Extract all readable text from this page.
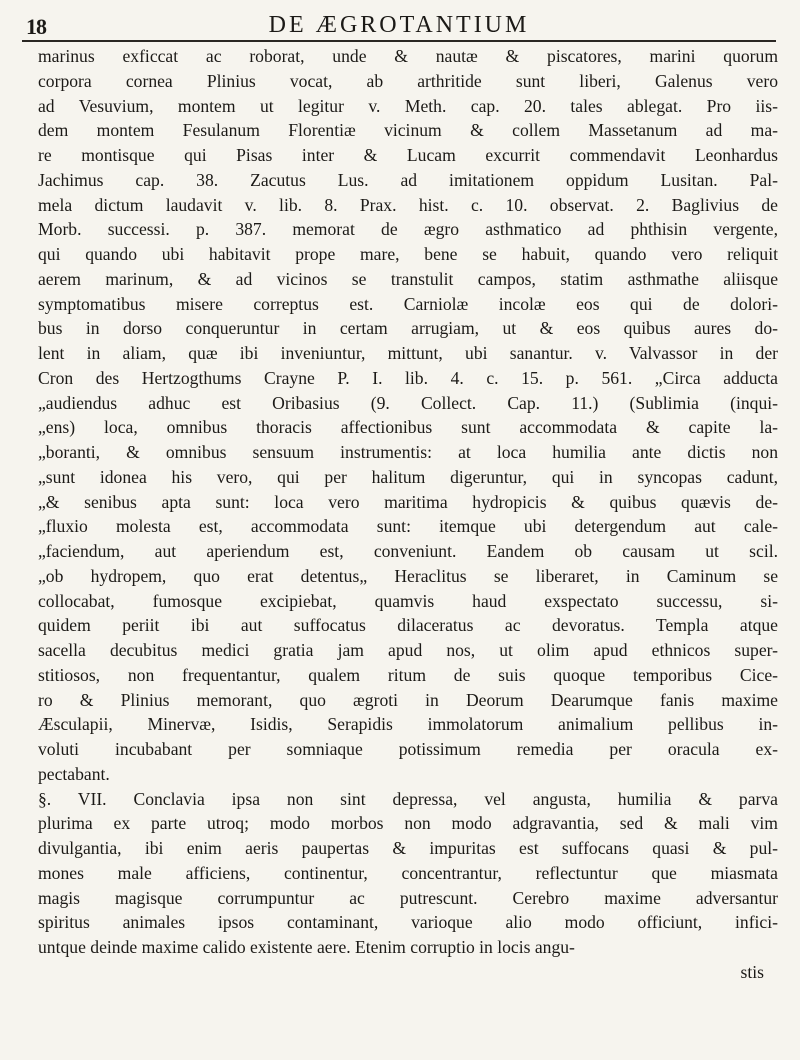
18	DE ÆGROTANTIUM
marinus exficcat ac roborat, unde & nautæ & piscatores, marini quorum
corpora cornea Plinius vocat, ab arthritide sunt liberi, Galenus vero
ad Vesuvium, montem ut legitur v. Meth. cap. 20. tales ablegat. Pro iis-
dem montem Fesulanum Florentiæ vicinum & collem Massetanum ad ma-
re montisque qui Pisas inter & Lucam excurrit commendavit Leonhardus
Jachimus cap. 38. Zacutus Lus. ad imitationem oppidum Lusitan. Pal-
mela dictum laudavit v. lib. 8. Prax. hist. c. 10. observat. 2. Baglivius de
Morb. successi. p. 387. memorat de ægro asthmatico ad phthisin vergente,
qui quando ubi habitavit prope mare, bene se habuit, quando vero reliquit
aerem marinum, & ad vicinos se transtulit campos, statim asthmathe aliisque
symptomatibus misere correptus est. Carniolæ incolæ eos qui de dolori-
bus in dorso conqueruntur in certam arrugiam, ut & eos quibus aures do-
lent in aliam, quæ ibi inveniuntur, mittunt, ubi sanantur. v. Valvassor in der
Cron des Hertzogthums Crayne P. I. lib. 4. c. 15. p. 561. „Circa adducta
„audiendus adhuc est Oribasius (9. Collect. Cap. 11.) (Sublimia (inqui-
„ens) loca, omnibus thoracis affectionibus sunt accommodata & capite la-
„boranti, & omnibus sensuum instrumentis: at loca humilia ante dictis non
„sunt idonea his vero, qui per halitum digeruntur, qui in syncopas cadunt,
„& senibus apta sunt: loca vero maritima hydropicis & quibus quævis de-
„fluxio molesta est, accommodata sunt: itemque ubi detergendum aut cale-
„faciendum, aut aperiendum est, conveniunt. Eandem ob causam ut scil.
„ob hydropem, quo erat detentus„ Heraclitus se liberaret, in Caminum se
collocabat, fumosque excipiebat, quamvis haud exspectato successu, si-
quidem periit ibi aut suffocatus dilaceratus ac devoratus. Templa atque
sacella decubitus medici gratia jam apud nos, ut olim apud ethnicos super-
stitiosos, non frequentantur, qualem ritum de suis quoque temporibus Cice-
ro & Plinius memorant, quo ægroti in Deorum Dearumque fanis maxime
Æsculapii, Minervæ, Isidis, Serapidis immolatorum animalium pellibus in-
voluti incubabant per somniaque potissimum remedia per oracula ex-
pectabant.
§. VII. Conclavia ipsa non sint depressa, vel angusta, humilia & parva
plurima ex parte utroq; modo morbos non modo adgravantia, sed & mali vim
divulgantia, ibi enim aeris paupertas & impuritas est suffocans quasi & pul-
mones male afficiens, continentur, concentrantur, reflectuntur que miasmata
magis magisque corrumpuntur ac putrescunt. Cerebro maxime adversantur
spiritus animales ipsos contaminant, varioque alio modo officiunt, infici-
untque deinde maxime calido existente aere. Etenim corruptio in locis angu-
stis
